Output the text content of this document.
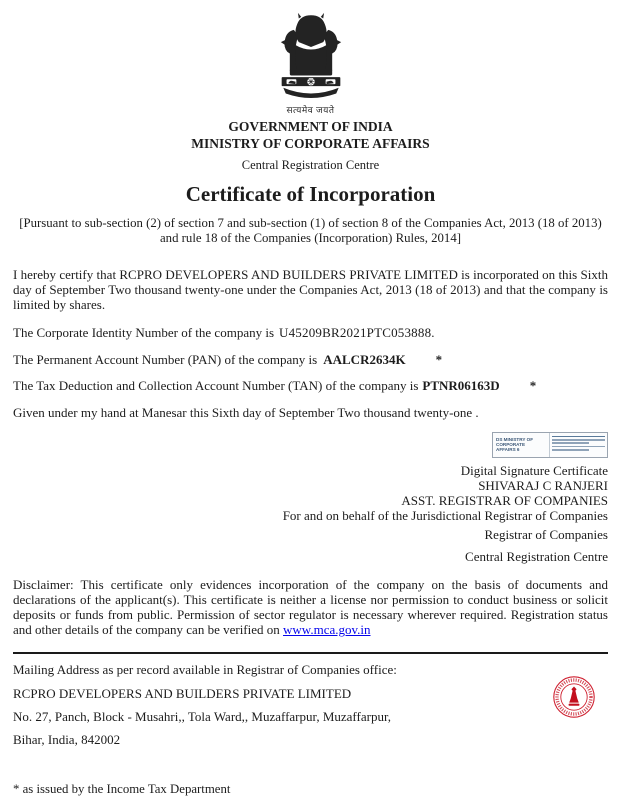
सत्यमेव जयते
GOVERNMENT OF INDIA
MINISTRY OF CORPORATE AFFAIRS
Central Registration Centre
Certificate of Incorporation
[Pursuant to sub-section (2) of section 7 and sub-section (1) of section 8 of the Companies Act, 2013 (18 of 2013) and rule 18 of the Companies (Incorporation) Rules, 2014]
I hereby certify that RCPRO DEVELOPERS AND BUILDERS PRIVATE LIMITED is incorporated on this Sixth day of September Two thousand twenty-one under the Companies Act, 2013 (18 of 2013) and that the company is limited by shares.
The Corporate Identity Number of the company is U45209BR2021PTC053888.
The Permanent Account Number (PAN) of the company is AALCR2634K *
The Tax Deduction and Collection Account Number (TAN) of the company is PTNR06163D *
Given under my hand at Manesar this Sixth day of September Two thousand twenty-one .
DS MINISTRY OF CORPORATE AFFAIRS 6
Digital Signature Certificate
SHIVARAJ C RANJERI
ASST. REGISTRAR OF COMPANIES
For and on behalf of the Jurisdictional Registrar of Companies
Registrar of Companies
Central Registration Centre
Disclaimer: This certificate only evidences incorporation of the company on the basis of documents and declarations of the applicant(s). This certificate is neither a license nor permission to conduct business or solicit deposits or funds from public. Permission of sector regulator is necessary wherever required. Registration status and other details of the company can be verified on www.mca.gov.in
Mailing Address as per record available in Registrar of Companies office:
RCPRO DEVELOPERS AND BUILDERS PRIVATE LIMITED
No. 27, Panch, Block - Musahri,, Tola Ward,, Muzaffarpur, Muzaffarpur,
Bihar, India, 842002
* as issued by the Income Tax Department
